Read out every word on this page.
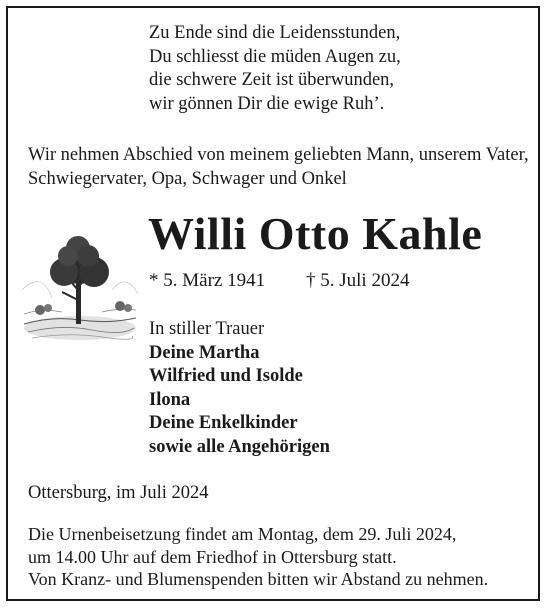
Zu Ende sind die Leidensstunden,
Du schliesst die müden Augen zu,
die schwere Zeit ist überwunden,
wir gönnen Dir die ewige Ruh’.
Wir nehmen Abschied von meinem geliebten Mann, unserem Vater, Schwiegervater, Opa, Schwager und Onkel
Willi Otto Kahle
* 5. März 1941 † 5. Juli 2024
In stiller Trauer
Deine Martha
Wilfried und Isolde
Ilona
Deine Enkelkinder
sowie alle Angehörigen
Ottersburg, im Juli 2024
Die Urnenbeisetzung findet am Montag, dem 29. Juli 2024,
um 14.00 Uhr auf dem Friedhof in Ottersburg statt.
Von Kranz- und Blumenspenden bitten wir Abstand zu nehmen.
